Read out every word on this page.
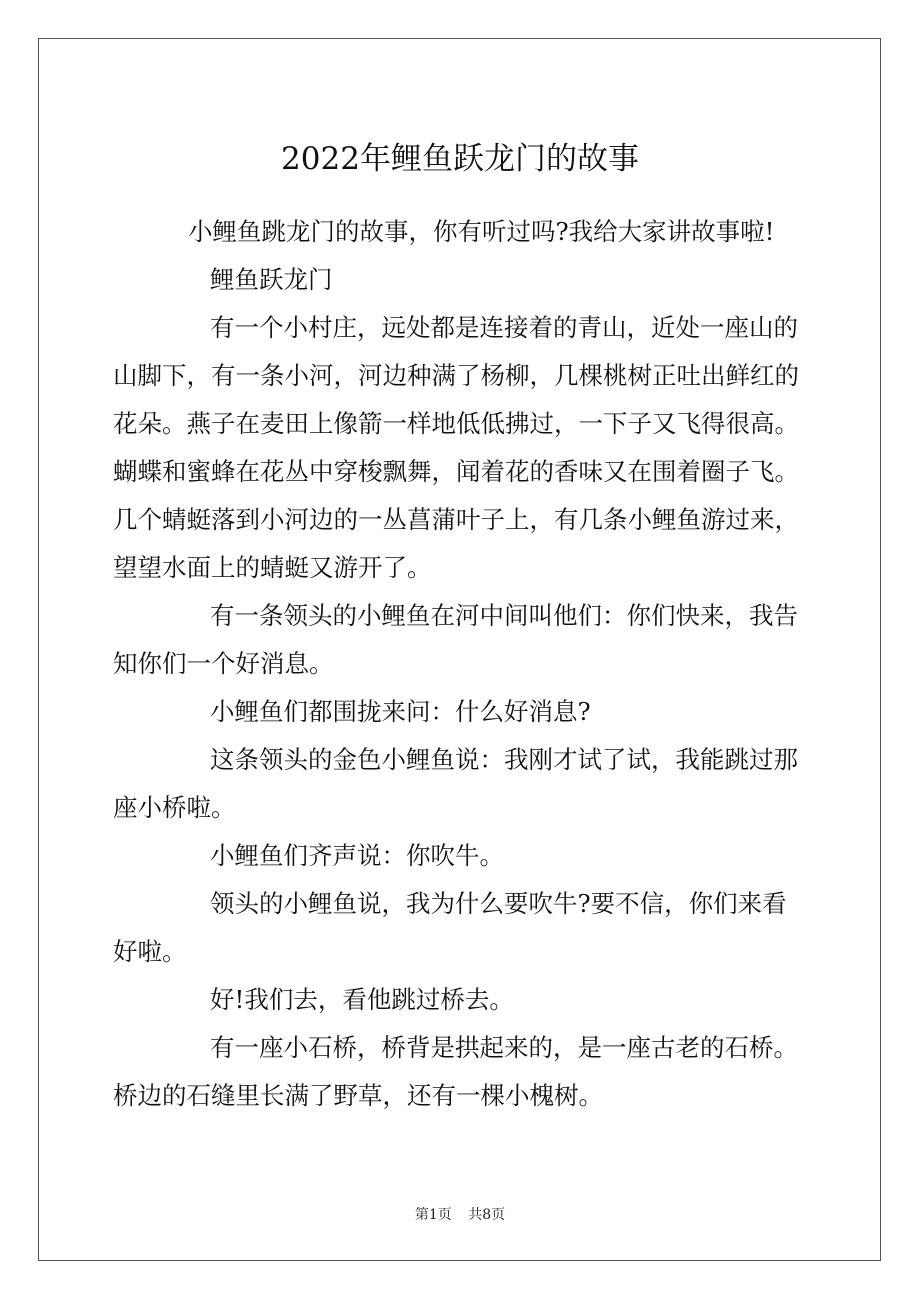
2022年鲤鱼跃龙门的故事
小鲤鱼跳龙门的故事，你有听过吗?我给大家讲故事啦!
鲤鱼跃龙门
有一个小村庄，远处都是连接着的青山，近处一座山的
山脚下，有一条小河，河边种满了杨柳，几棵桃树正吐出鲜红的
花朵。燕子在麦田上像箭一样地低低拂过，一下子又飞得很高。
蝴蝶和蜜蜂在花丛中穿梭飘舞，闻着花的香味又在围着圈子飞。
几个蜻蜓落到小河边的一丛菖蒲叶子上，有几条小鲤鱼游过来，
望望水面上的蜻蜓又游开了。
有一条领头的小鲤鱼在河中间叫他们：你们快来，我告
知你们一个好消息。
小鲤鱼们都围拢来问：什么好消息?
这条领头的金色小鲤鱼说：我刚才试了试，我能跳过那
座小桥啦。
小鲤鱼们齐声说：你吹牛。
领头的小鲤鱼说，我为什么要吹牛?要不信，你们来看
好啦。
好!我们去，看他跳过桥去。
有一座小石桥，桥背是拱起来的，是一座古老的石桥。
桥边的石缝里长满了野草，还有一棵小槐树。
第1页 共8页
